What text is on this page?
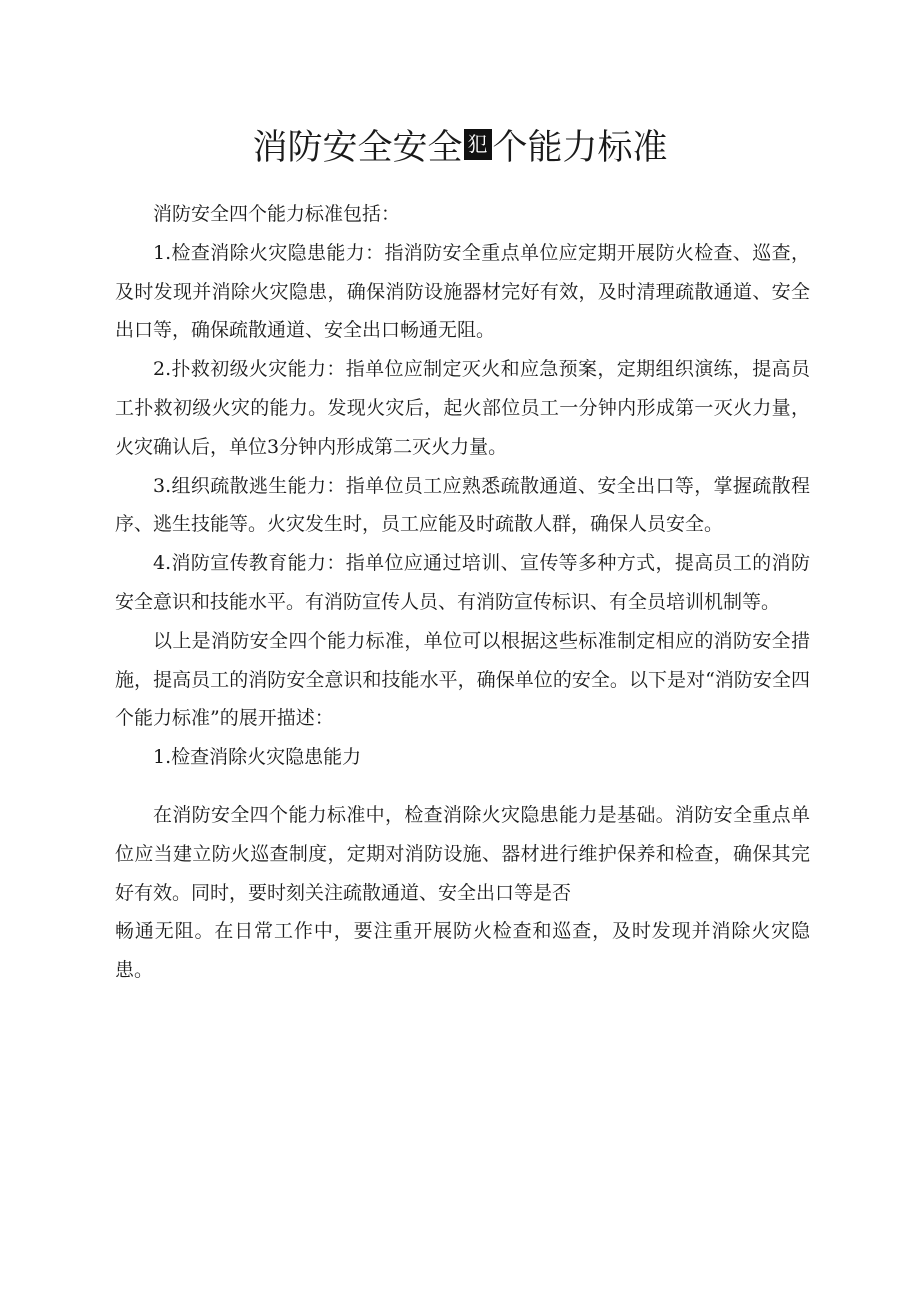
消防安全安全 犯 个能力标准

消防安全四个能力标准包括：

1.检查消除火灾隐患能力：指消防安全重点单位应定期开展防火检查、巡查，及时发现并消除火灾隐患，确保消防设施器材完好有效，及时清理疏散通道、安全出口等，确保疏散通道、安全出口畅通无阻。

2.扑救初级火灾能力：指单位应制定灭火和应急预案，定期组织演练，提高员工扑救初级火灾的能力。发现火灾后，起火部位员工一分钟内形成第一灭火力量，火灾确认后，单位3分钟内形成第二灭火力量。

3.组织疏散逃生能力：指单位员工应熟悉疏散通道、安全出口等，掌握疏散程序、逃生技能等。火灾发生时，员工应能及时疏散人群，确保人员安全。

4.消防宣传教育能力：指单位应通过培训、宣传等多种方式，提高员工的消防安全意识和技能水平。有消防宣传人员、有消防宣传标识、有全员培训机制等。

以上是消防安全四个能力标准，单位可以根据这些标准制定相应的消防安全措施，提高员工的消防安全意识和技能水平，确保单位的安全。以下是对“消防安全四个能力标准”的展开描述：

1.检查消除火灾隐患能力

在消防安全四个能力标准中，检查消除火灾隐患能力是基础。消防安全重点单位应当建立防火巡查制度，定期对消防设施、器材进行维护保养和检查，确保其完好有效。同时，要时刻关注疏散通道、安全出口等是否

畅通无阻。在日常工作中，要注重开展防火检查和巡查，及时发现并消除火灾隐患。
